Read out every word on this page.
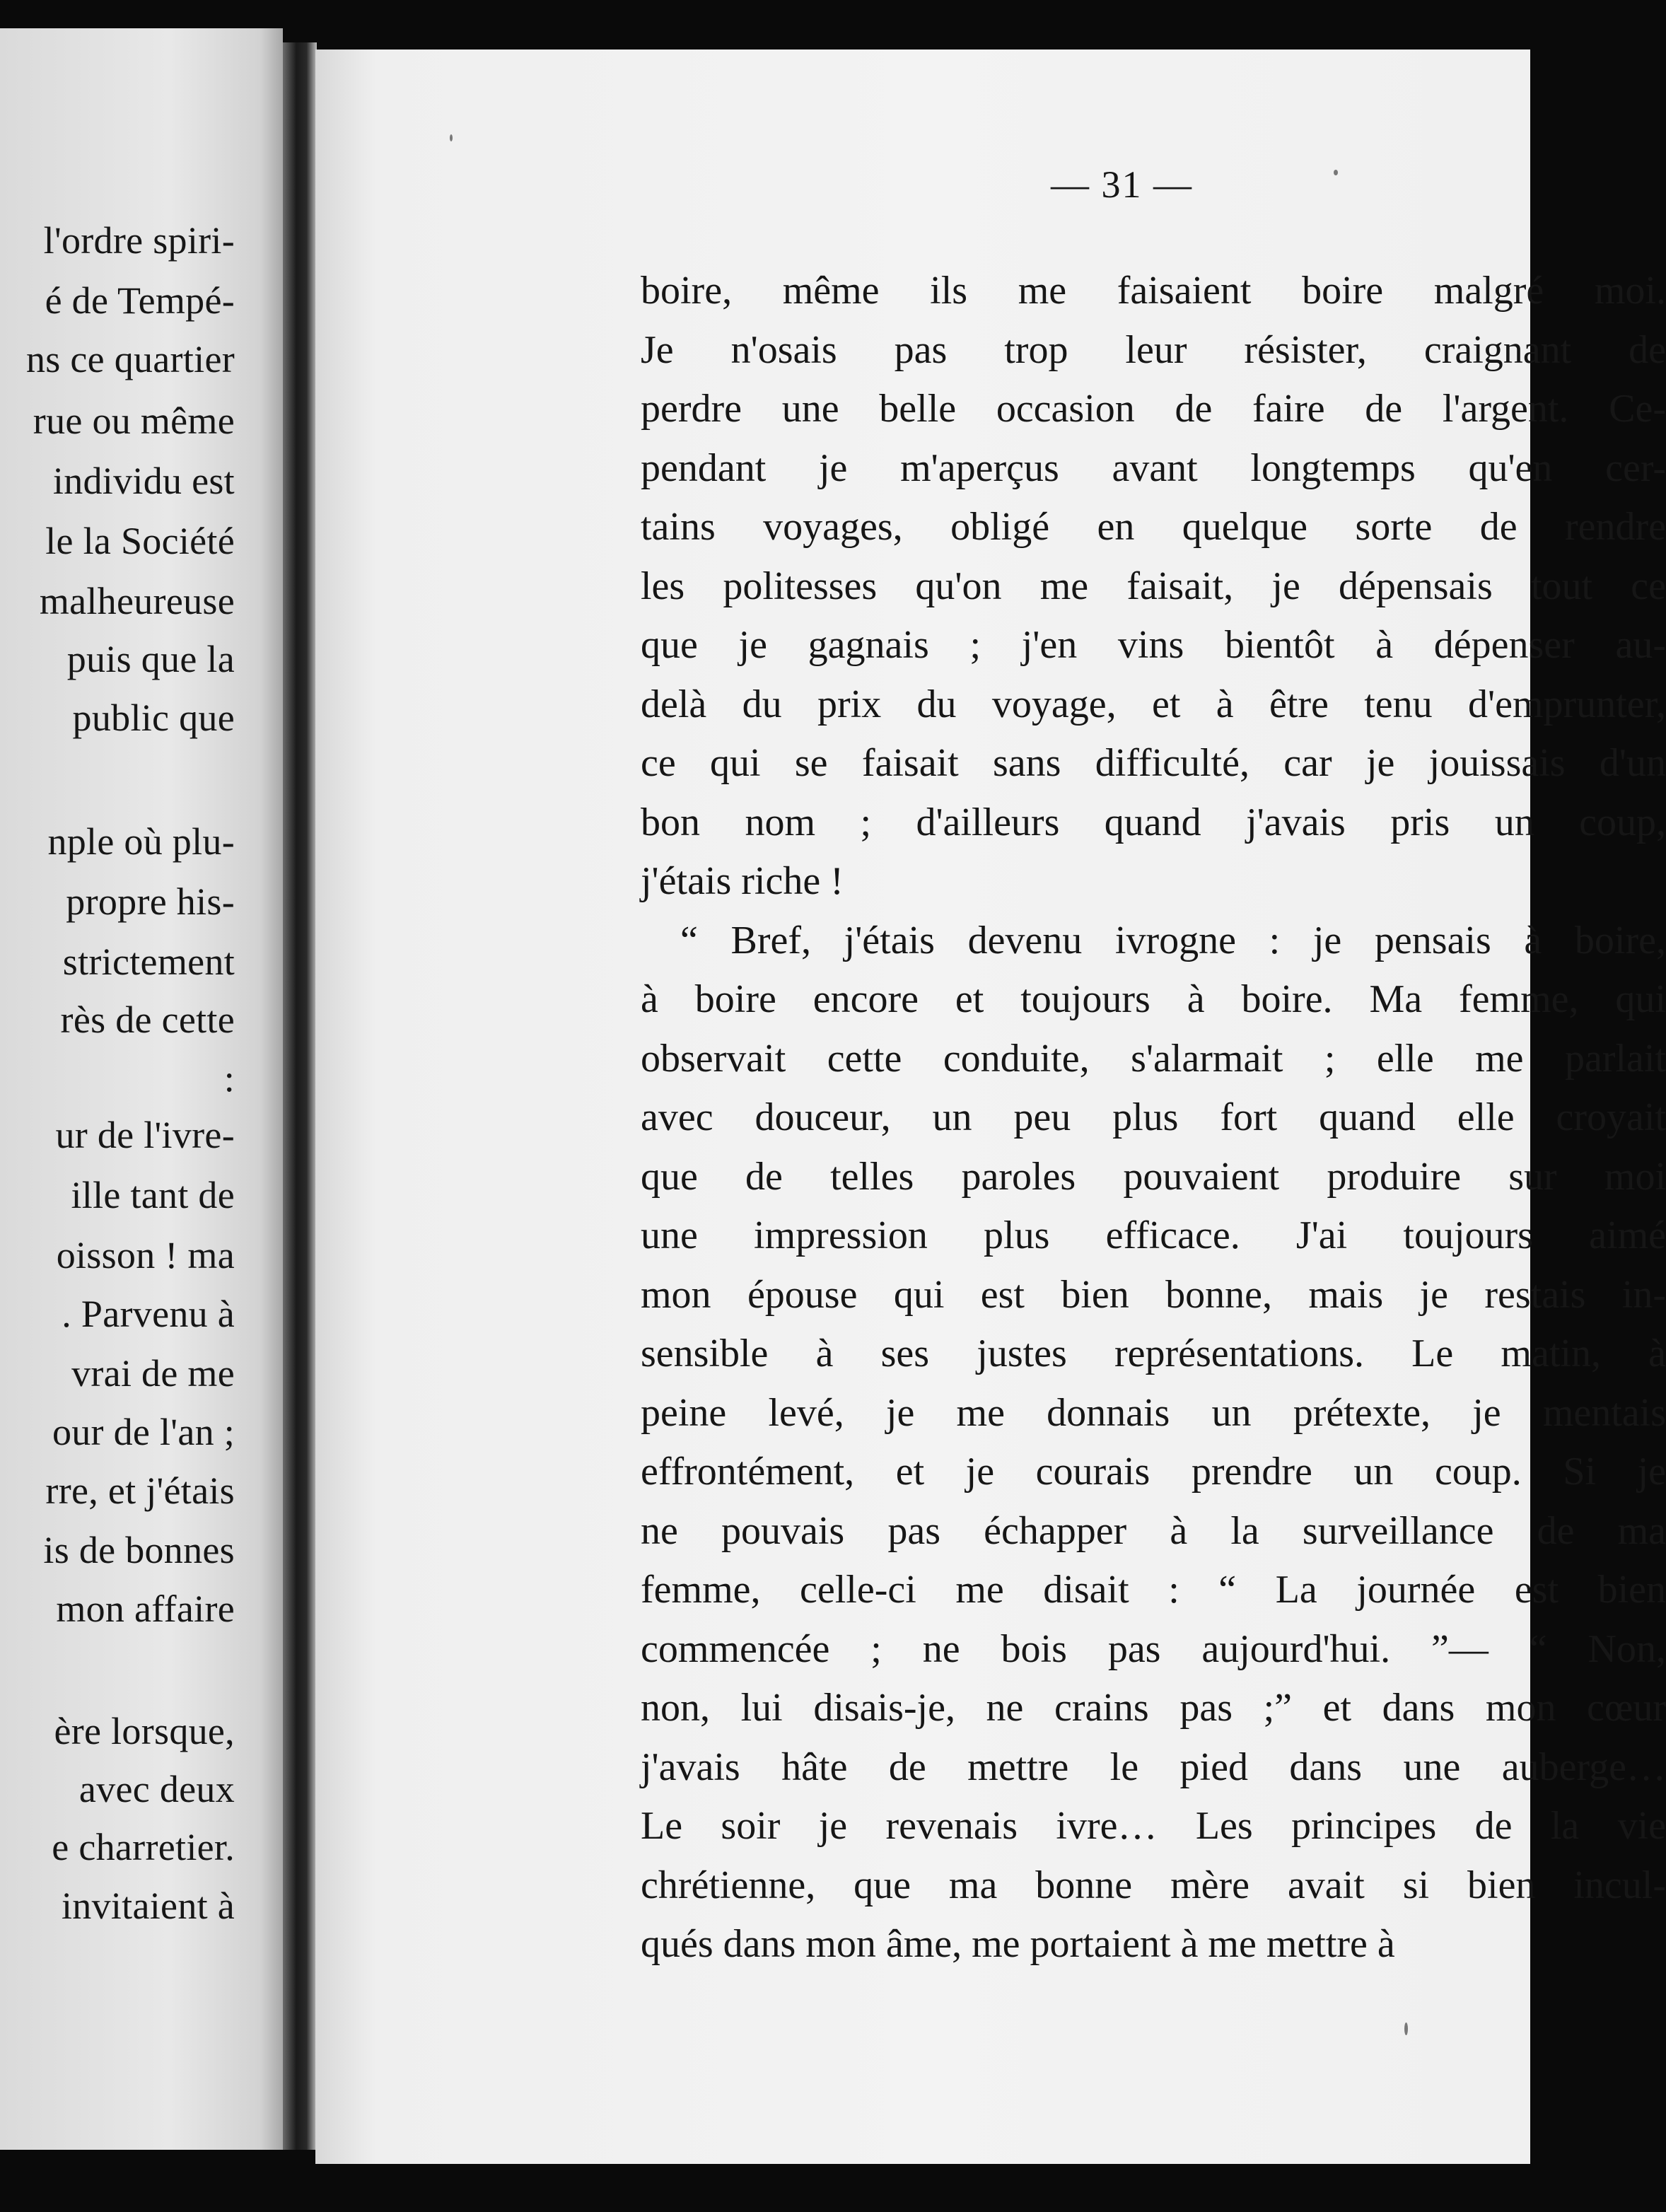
l'ordre spiri-
é de Tempé-
ns ce quartier
rue ou même
individu est
le la Société
malheureuse
puis que la
public que
nple où plu-
propre his-
strictement
rès de cette
:
ur de l'ivre-
ille tant de
oisson ! ma
. Parvenu à
vrai de me
our de l'an ;
rre, et j'étais
is de bonnes
mon affaire
ère lorsque,
avec deux
e charretier.
invitaient à
— 31 —
boire, même ils me faisaient boire malgré moi.
Je n'osais pas trop leur résister, craignant de
perdre une belle occasion de faire de l'argent. Ce-
pendant je m'aperçus avant longtemps qu'en cer-
tains voyages, obligé en quelque sorte de rendre
les politesses qu'on me faisait, je dépensais tout ce
que je gagnais ; j'en vins bientôt à dépenser au-
delà du prix du voyage, et à être tenu d'emprunter,
ce qui se faisait sans difficulté, car je jouissais d'un
bon nom ; d'ailleurs quand j'avais pris un coup,
j'étais riche !
“ Bref, j'étais devenu ivrogne : je pensais à boire,
à boire encore et toujours à boire. Ma femme, qui
observait cette conduite, s'alarmait ; elle me parlait
avec douceur, un peu plus fort quand elle croyait
que de telles paroles pouvaient produire sur moi
une impression plus efficace. J'ai toujours aimé
mon épouse qui est bien bonne, mais je restais in-
sensible à ses justes représentations. Le matin, à
peine levé, je me donnais un prétexte, je mentais
effrontément, et je courais prendre un coup. Si je
ne pouvais pas échapper à la surveillance de ma
femme, celle-ci me disait : “ La journée est bien
commencée ; ne bois pas aujourd'hui. ”— “ Non,
non, lui disais-je, ne crains pas ;” et dans mon cœur
j'avais hâte de mettre le pied dans une auberge…
Le soir je revenais ivre… Les principes de la vie
chrétienne, que ma bonne mère avait si bien incul-
qués dans mon âme, me portaient à me mettre à
